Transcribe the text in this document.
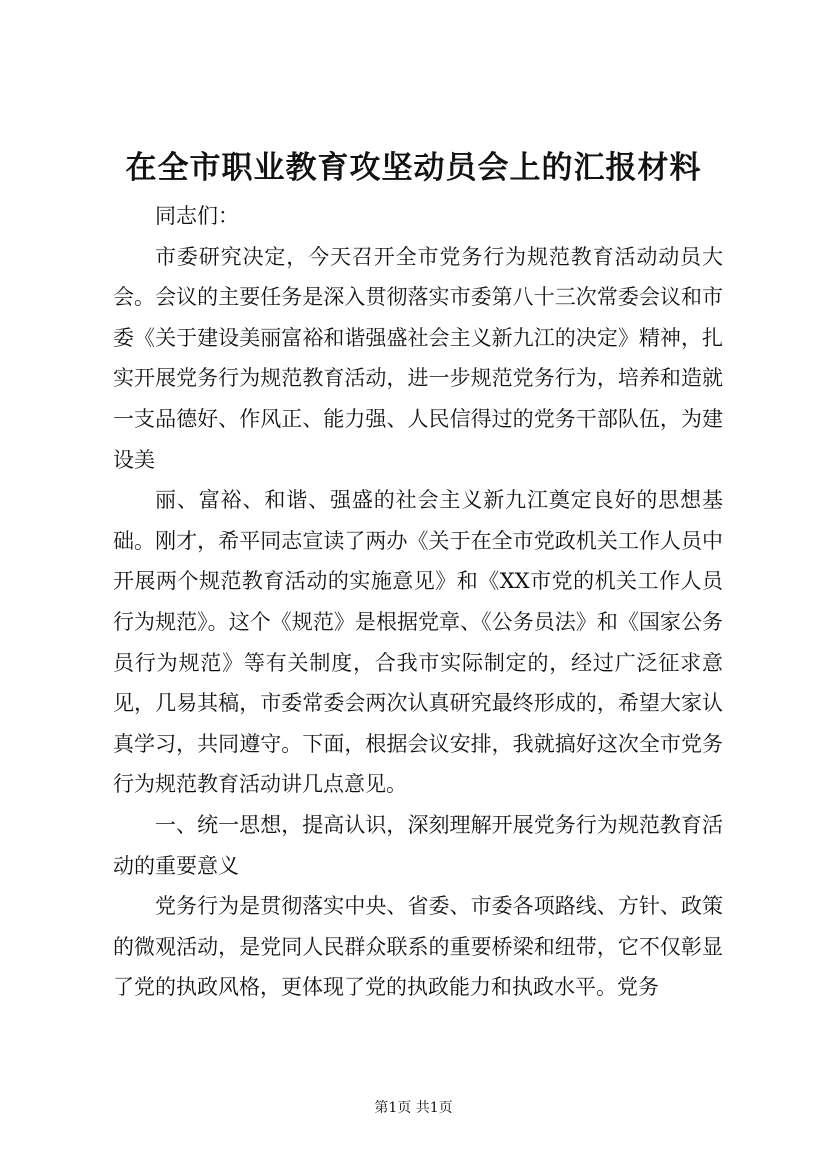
在全市职业教育攻坚动员会上的汇报材料

同志们：

市委研究决定，今天召开全市党务行为规范教育活动动员大会。会议的主要任务是深入贯彻落实市委第八十三次常委会议和市委《关于建设美丽富裕和谐强盛社会主义新九江的决定》精神，扎实开展党务行为规范教育活动，进一步规范党务行为，培养和造就一支品德好、作风正、能力强、人民信得过的党务干部队伍，为建设美

丽、富裕、和谐、强盛的社会主义新九江奠定良好的思想基础。刚才，希平同志宣读了两办《关于在全市党政机关工作人员中开展两个规范教育活动的实施意见》和《XX市党的机关工作人员行为规范》。这个《规范》是根据党章、《公务员法》和《国家公务员行为规范》等有关制度，合我市实际制定的，经过广泛征求意见，几易其稿，市委常委会两次认真研究最终形成的，希望大家认真学习，共同遵守。下面，根据会议安排，我就搞好这次全市党务行为规范教育活动讲几点意见。

一、统一思想，提高认识，深刻理解开展党务行为规范教育活动的重要意义

党务行为是贯彻落实中央、省委、市委各项路线、方针、政策的微观活动，是党同人民群众联系的重要桥梁和纽带，它不仅彰显了党的执政风格，更体现了党的执政能力和执政水平。党务

第1页 共1页
